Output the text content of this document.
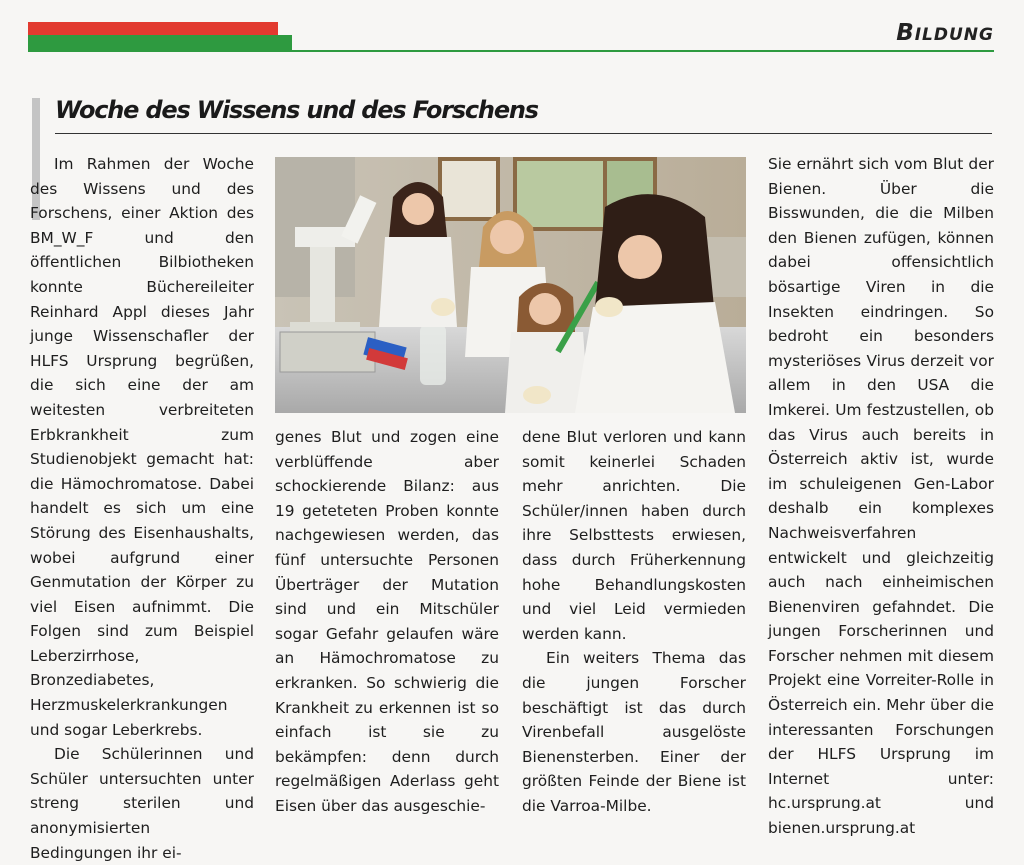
BILDUNG
Woche des Wissens und des Forschens

Im Rahmen der Woche des Wissens und des Forschens, einer Aktion des BM_W_F und den öffentlichen Bilbiotheken konnte Büchereileiter Reinhard Appl dieses Jahr junge Wissenschafler der HLFS Ursprung begrüßen, die sich eine der am weitesten verbreiteten Erbkrankheit zum Studienobjekt gemacht hat: die Hämochromatose. Dabei handelt es sich um eine Störung des Eisenhaushalts, wobei aufgrund einer Genmutation der Körper zu viel Eisen aufnimmt. Die Folgen sind zum Beispiel Leberzirrhose, Bronzediabetes, Herzmuskelerkrankungen und sogar Leberkrebs.

Die Schülerinnen und Schüler untersuchten unter streng sterilen und anonymisierten Bedingungen ihr ei-

genes Blut und zogen eine verblüffende aber schockierende Bilanz: aus 19 geteteten Proben konnte nachgewiesen werden, das fünf untersuchte Personen Überträger der Mutation sind und ein Mitschüler sogar Gefahr gelaufen wäre an Hämochromatose zu erkranken. So schwierig die Krankheit zu erkennen ist so einfach ist sie zu bekämpfen: denn durch regelmäßigen Aderlass geht Eisen über das ausgeschie-

dene Blut verloren und kann somit keinerlei Schaden mehr anrichten. Die Schüler/innen haben durch ihre Selbsttests erwiesen, dass durch Früherkennung hohe Behandlungskosten und viel Leid vermieden werden kann.

Ein weiters Thema das die jungen Forscher beschäftigt ist das durch Virenbefall ausgelöste Bienensterben. Einer der größten Feinde der Biene ist die Varroa-Milbe.

Sie ernährt sich vom Blut der Bienen. Über die Bisswunden, die die Milben den Bienen zufügen, können dabei offensichtlich bösartige Viren in die Insekten eindringen. So bedroht ein besonders mysteriöses Virus derzeit vor allem in den USA die Imkerei. Um festzustellen, ob das Virus auch bereits in Österreich aktiv ist, wurde im schuleigenen Gen-Labor deshalb ein komplexes Nachweisverfahren entwickelt und gleichzeitig auch nach einheimischen Bienenviren gefahndet. Die jungen Forscherinnen und Forscher nehmen mit diesem Projekt eine Vorreiter-Rolle in Österreich ein. Mehr über die interessanten Forschungen der HLFS Ursprung im Internet unter: hc.ursprung.at und bienen.ursprung.at
